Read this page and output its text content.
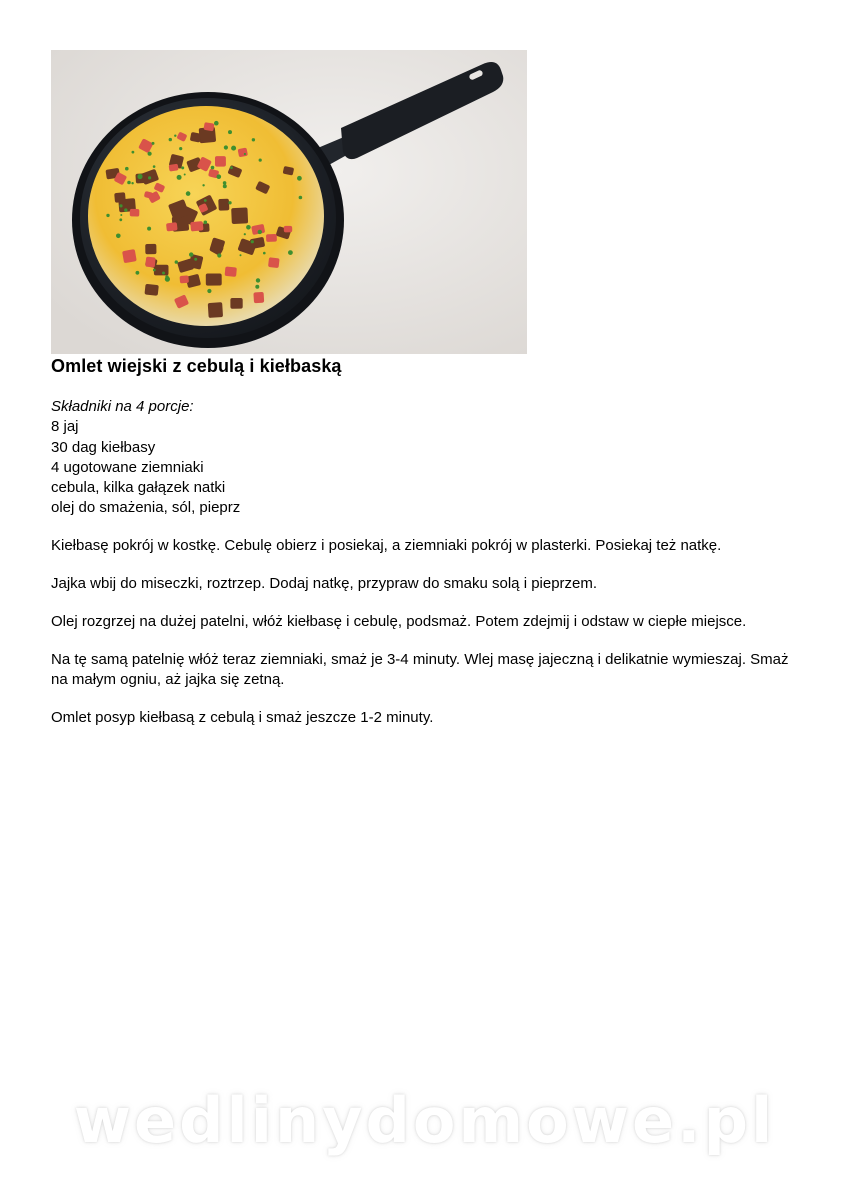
Omlet wiejski z cebulą i kiełbaską
Składniki na 4 porcje:
8 jaj
30 dag kiełbasy
4 ugotowane ziemniaki
cebula, kilka gałązek natki
olej do smażenia, sól, pieprz

Kiełbasę pokrój w kostkę. Cebulę obierz i posiekaj, a ziemniaki pokrój w plasterki. Posiekaj też natkę.

Jajka wbij do miseczki, roztrzep. Dodaj natkę, przypraw do smaku solą i pieprzem.

Olej rozgrzej na dużej patelni, włóż kiełbasę i cebulę, podsmaż. Potem zdejmij i odstaw w ciepłe miejsce.

Na tę samą patelnię włóż teraz ziemniaki, smaż je 3-4 minuty. Wlej masę jajeczną i delikatnie wymieszaj. Smaż na małym ogniu, aż jajka się zetną.

Omlet posyp kiełbasą z cebulą i smaż jeszcze 1-2 minuty.

wedlinydomowe.pl
